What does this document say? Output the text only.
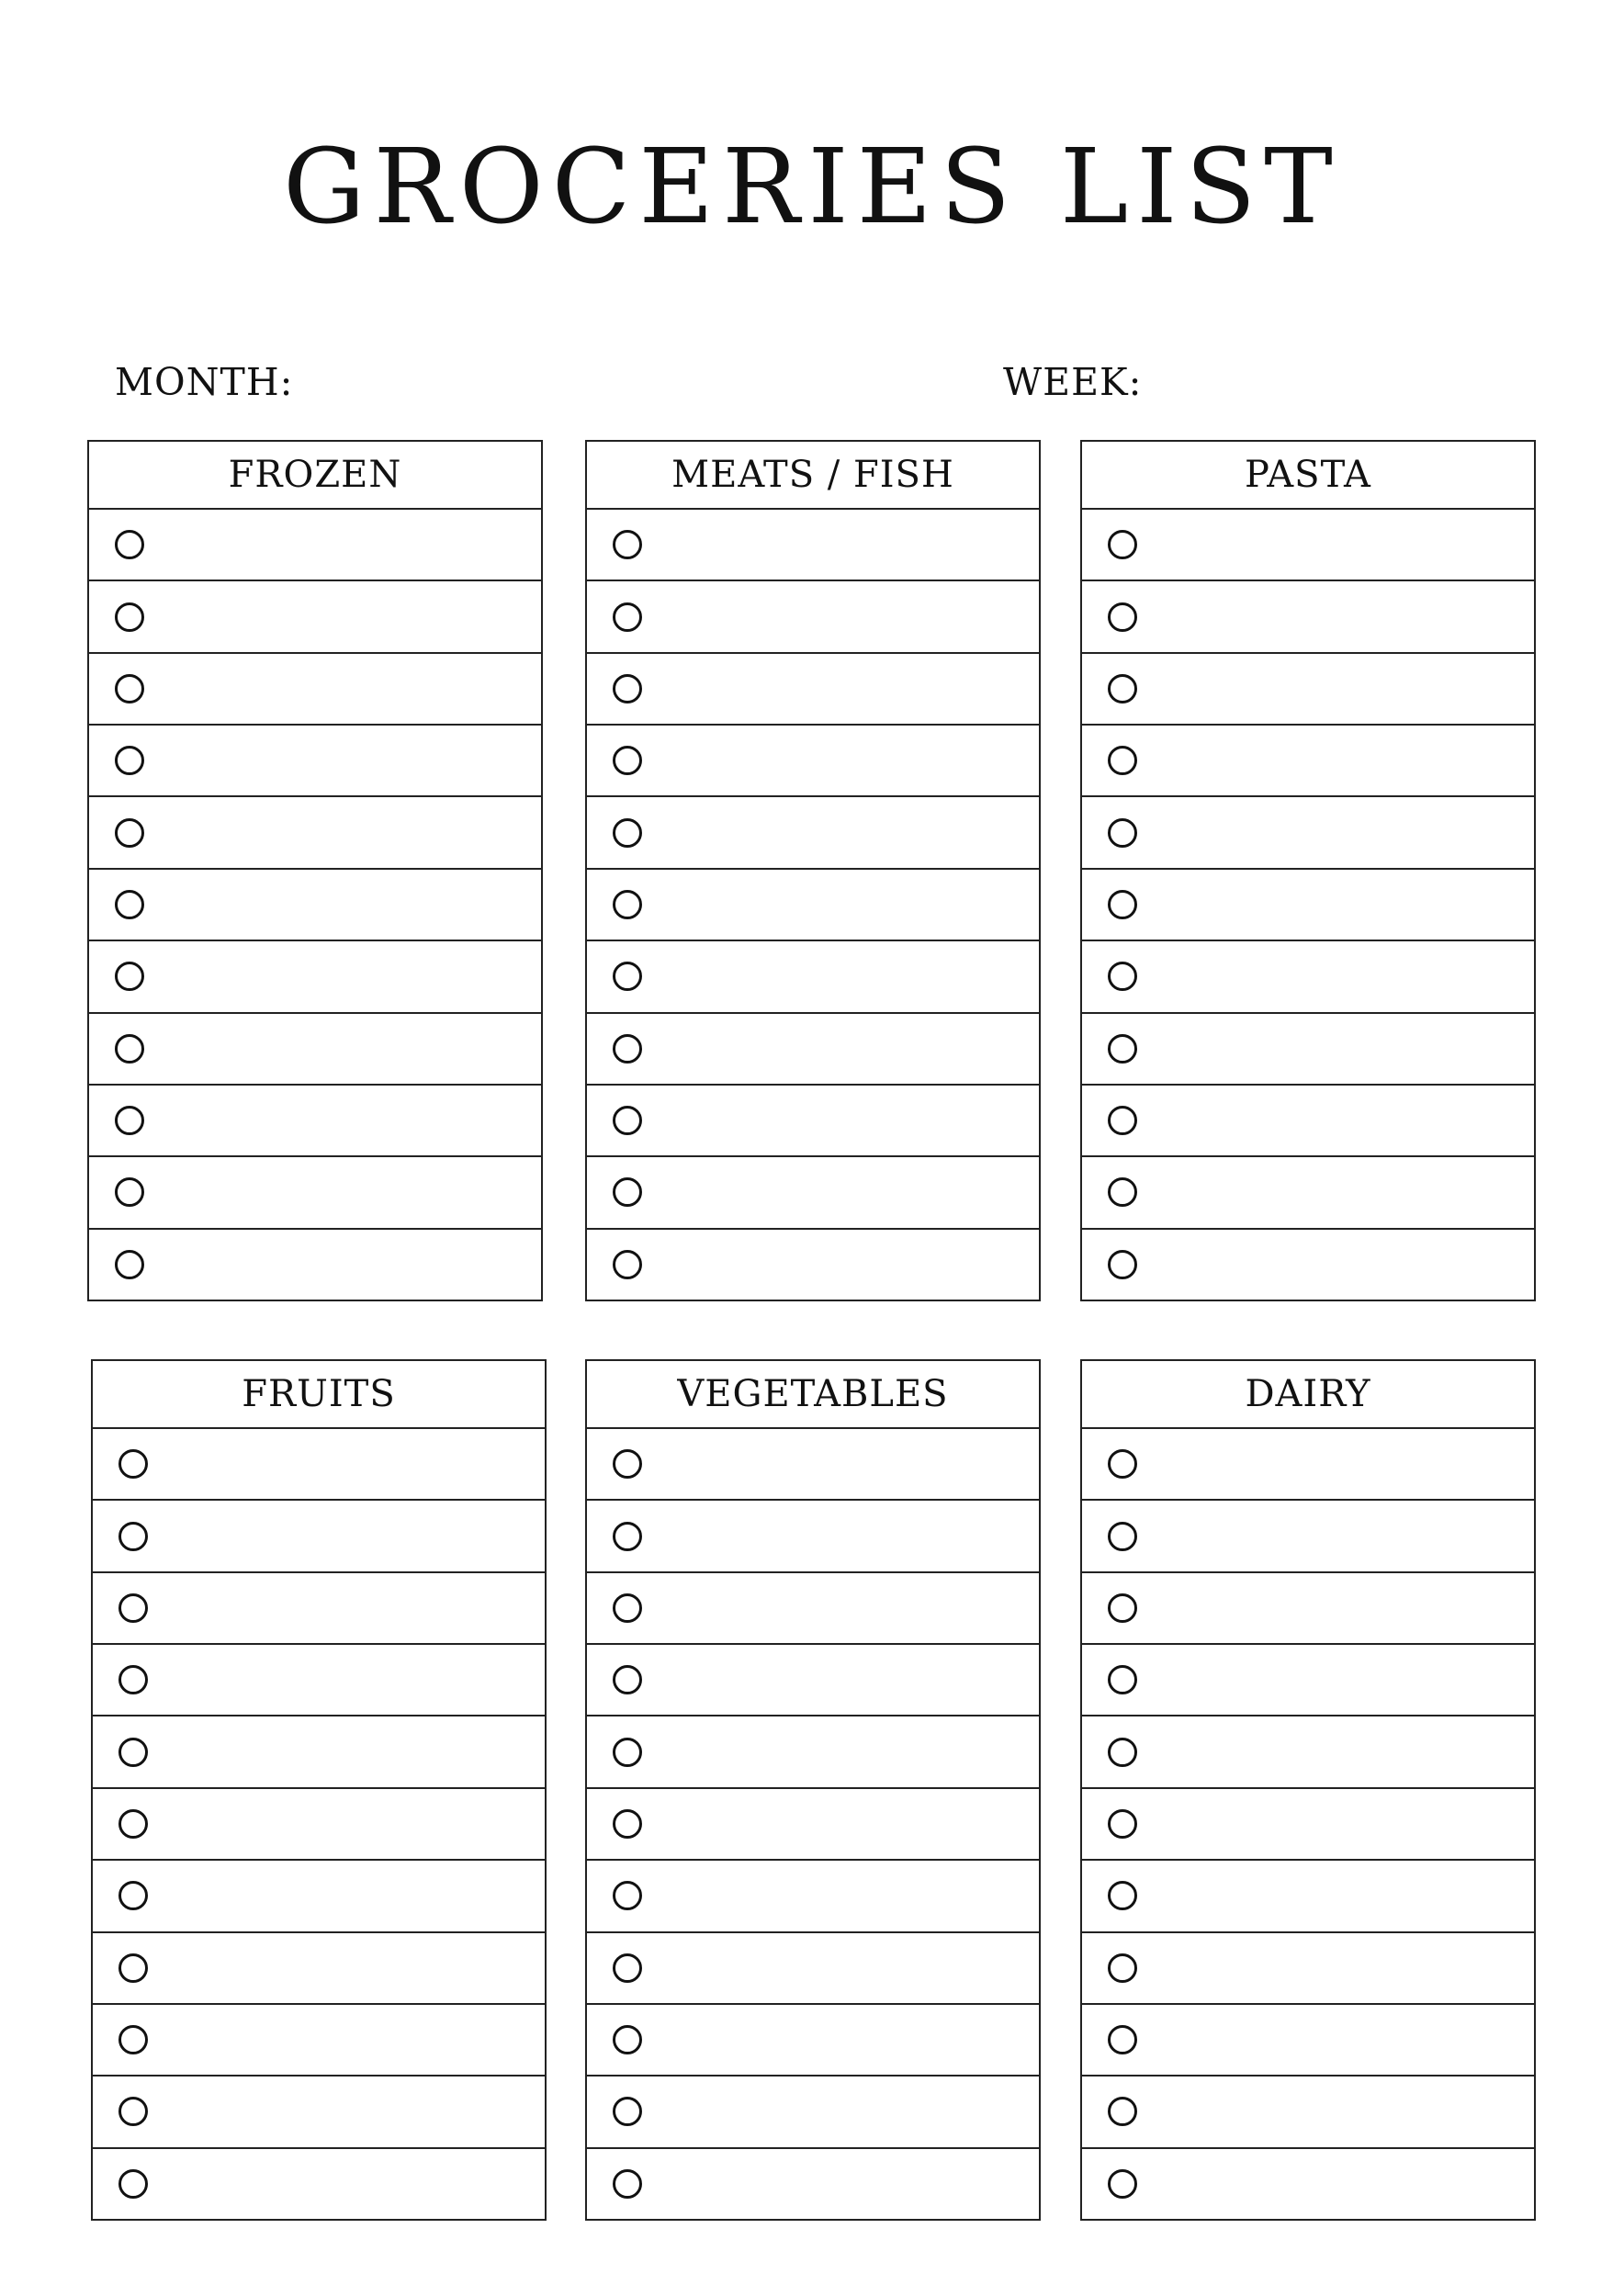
GROCERIES LIST
MONTH:	WEEK:
FROZEN	MEATS / FISH	PASTA
FRUITS	VEGETABLES	DAIRY
